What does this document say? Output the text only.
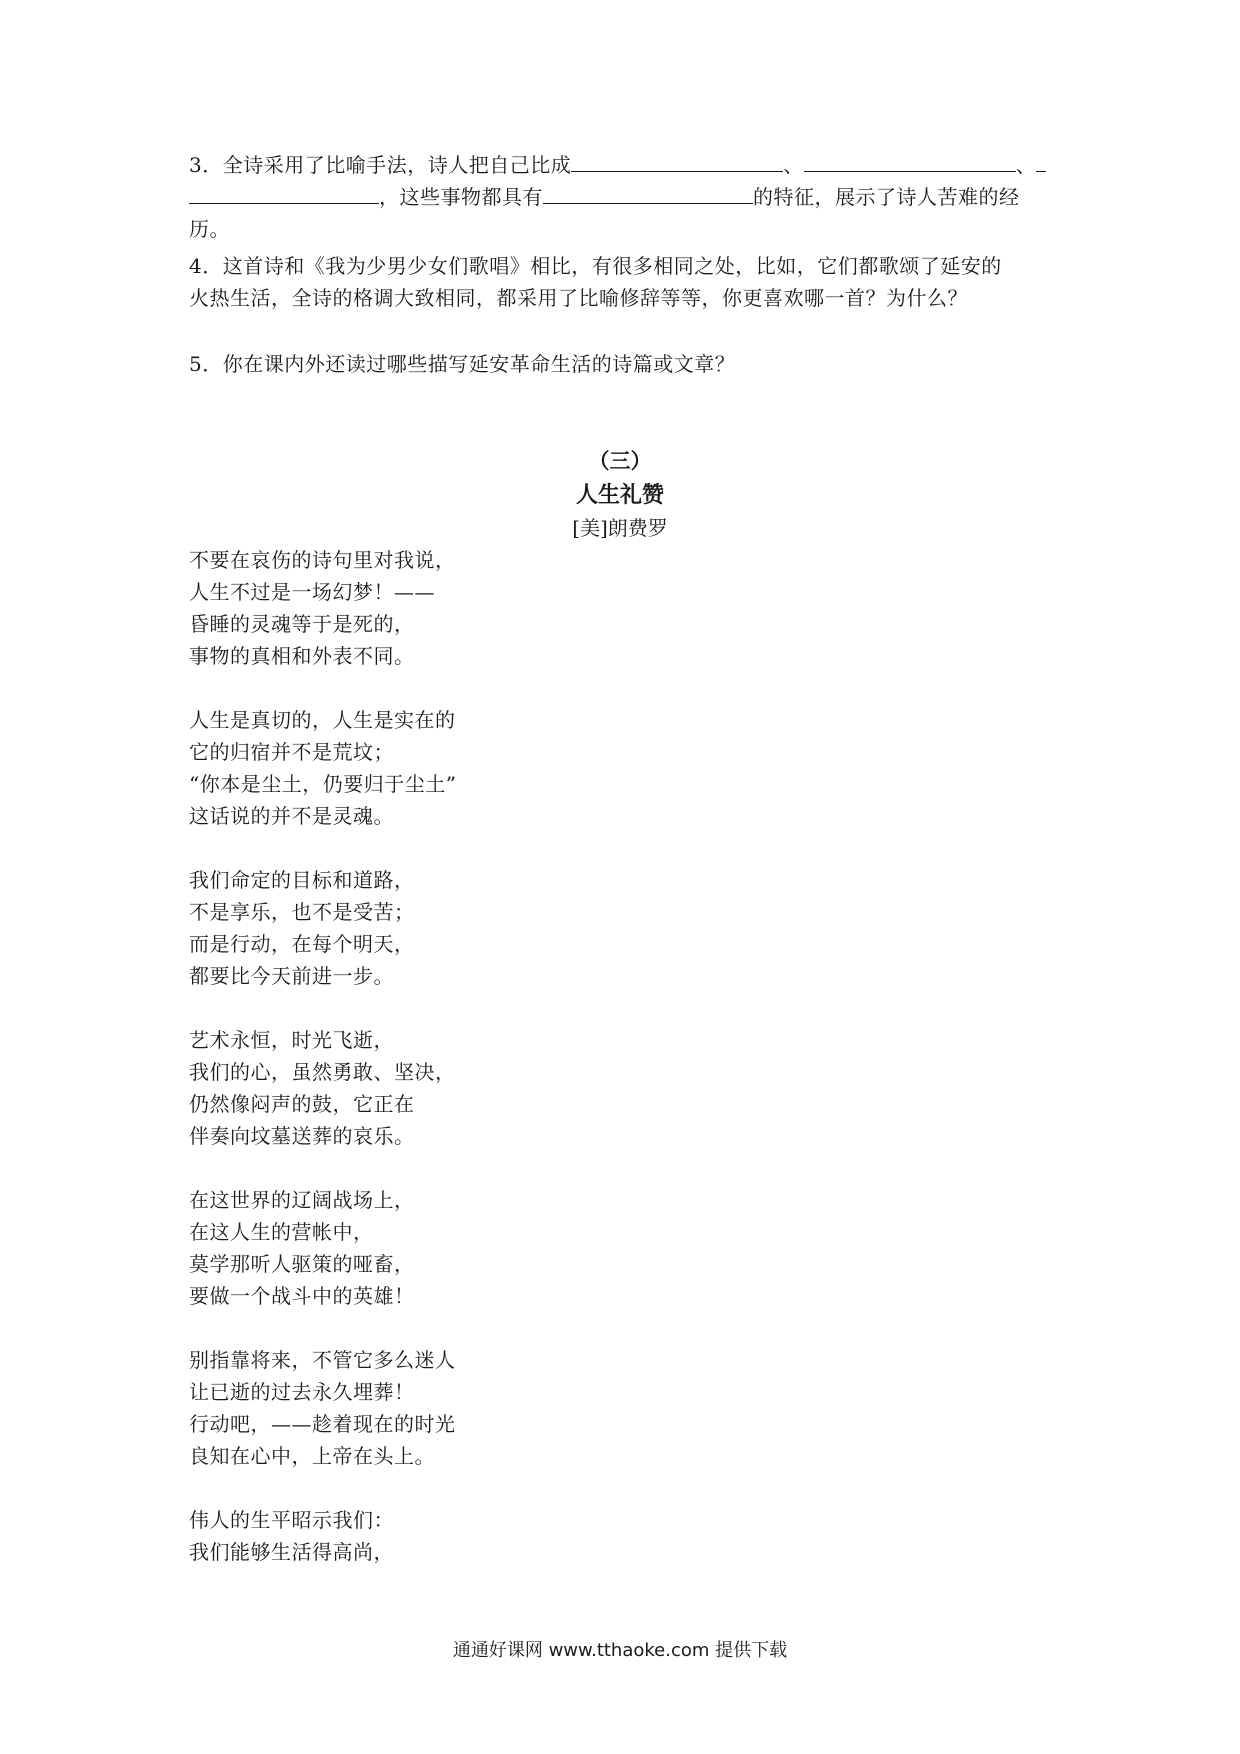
3．全诗采用了比喻手法，诗人把自己比成	、	、
，这些事物都具有	的特征，展示了诗人苦难的经
历。
4．这首诗和《我为少男少女们歌唱》相比，有很多相同之处，比如，它们都歌颂了延安的
火热生活，全诗的格调大致相同，都采用了比喻修辞等等，你更喜欢哪一首？为什么？
5．你在课内外还读过哪些描写延安革命生活的诗篇或文章？
（三）
人生礼赞
[美]朗费罗
不要在哀伤的诗句里对我说，
人生不过是一场幻梦！——
昏睡的灵魂等于是死的，
事物的真相和外表不同。
人生是真切的，人生是实在的
它的归宿并不是荒坟；
“你本是尘土，仍要归于尘土”
这话说的并不是灵魂。
我们命定的目标和道路，
不是享乐，也不是受苦；
而是行动，在每个明天，
都要比今天前进一步。
艺术永恒，时光飞逝，
我们的心，虽然勇敢、坚决，
仍然像闷声的鼓，它正在
伴奏向坟墓送葬的哀乐。
在这世界的辽阔战场上，
在这人生的营帐中，
莫学那听人驱策的哑畜，
要做一个战斗中的英雄！
别指靠将来，不管它多么迷人
让已逝的过去永久埋葬！
行动吧，——趁着现在的时光
良知在心中，上帝在头上。
伟人的生平昭示我们：
我们能够生活得高尚，
通通好课网 www.tthaoke.com 提供下载
